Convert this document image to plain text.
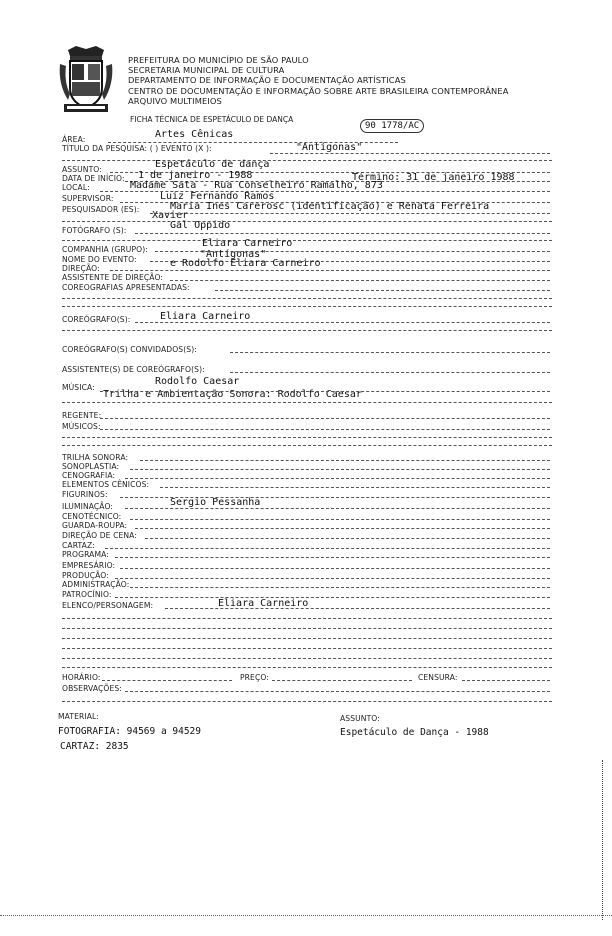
PREFEITURA DO MUNICÍPIO DE SÃO PAULO
SECRETARIA MUNICIPAL DE CULTURA
DEPARTAMENTO DE INFORMAÇÃO E DOCUMENTAÇÃO ARTÍSTICAS
CENTRO DE DOCUMENTAÇÃO E INFORMAÇÃO SOBRE ARTE BRASILEIRA CONTEMPORÂNEA
ARQUIVO MULTIMEIOS
FICHA TÉCNICA DE ESPETÁCULO DE DANÇA
90 1778/AC
ÁREA:	Artes Cênicas
TÍTULO DA PESQUISA: ( ) EVENTO (X ):	"Antígonas"
ASSUNTO:	Espetáculo de dança
DATA DE INÍCIO: 1 de janeiro - 1988	Término: 31 de janeiro 1988
LOCAL:	Madame Sata - Rua Conselheiro Ramalho, 873
SUPERVISOR:	Luiz Fernando Ramos
PESQUISADOR (ES):	Maria Ines Carerosc (identificação) e Renata Ferreira
Xavier
FOTÓGRAFO (S):	Gal Oppido
COMPANHIA (GRUPO):
Eliara Carneiro
NOME DO EVENTO:	"Antígonas"
DIREÇÃO:	e Rodolfo Eliara Carneiro
ASSISTENTE DE DIREÇÃO:
COREOGRAFIAS APRESENTADAS:
COREÓGRAFO(S):	Eliara Carneiro
COREÓGRAFO(S) CONVIDADOS(S):
ASSISTENTE(S) DE COREÓGRAFO(S):
MÚSICA:
Rodolfo Caesar
Trilha e Ambientação Sonora: Rodolfo Caesar
REGENTE:
MÚSICOS:
TRILHA SONORA:
SONOPLASTIA:
CENOGRAFIA:
ELEMENTOS CÊNICOS:
FIGURINOS:
ILUMINAÇÃO:	Sergio Pessanha
CENOTÉCNICO:
GUARDA-ROUPA:
DIREÇÃO DE CENA:
CARTAZ:
PROGRAMA:
EMPRESÁRIO:
PRODUÇÃO:
ADMINISTRAÇÃO:
PATROCÍNIO:
ELENCO/PERSONAGEM:	Eliara Carneiro
HORÁRIO:	PREÇO:	CENSURA:
OBSERVAÇÕES:
MATERIAL:	ASSUNTO:
FOTOGRAFIA: 94569 a 94529	Espetáculo de Dança - 1988
CARTAZ: 2835
